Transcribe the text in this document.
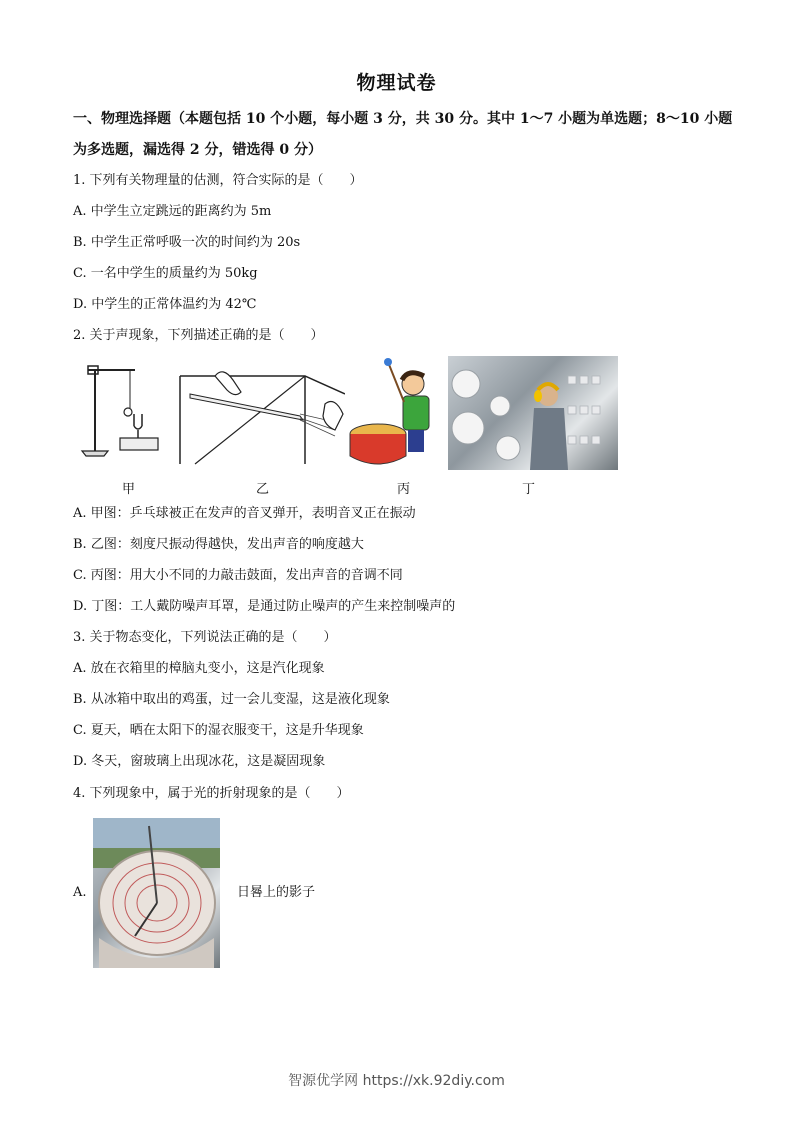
物理试卷
一、物理选择题（本题包括 10 个小题，每小题 3 分，共 30 分。其中 1～7 小题为单选题；8～10 小题为多选题，漏选得 2 分，错选得 0 分）
1. 下列有关物理量的估测，符合实际的是（　　）
A. 中学生立定跳远的距离约为 5m
B. 中学生正常呼吸一次的时间约为 20s
C. 一名中学生的质量约为 50kg
D. 中学生的正常体温约为 42℃
2. 关于声现象，下列描述正确的是（　　）
甲	乙	丙	丁
A. 甲图：乒乓球被正在发声的音叉弹开，表明音叉正在振动
B. 乙图：刻度尺振动得越快，发出声音的响度越大
C. 丙图：用大小不同的力敲击鼓面，发出声音的音调不同
D. 丁图：工人戴防噪声耳罩，是通过防止噪声的产生来控制噪声的
3. 关于物态变化，下列说法正确的是（　　）
A. 放在衣箱里的樟脑丸变小，这是汽化现象
B. 从冰箱中取出的鸡蛋，过一会儿变湿，这是液化现象
C. 夏天，晒在太阳下的湿衣服变干，这是升华现象
D. 冬天，窗玻璃上出现冰花，这是凝固现象
4. 下列现象中，属于光的折射现象的是（　　）
A.	日晷上的影子
智源优学网 https://xk.92diy.com
